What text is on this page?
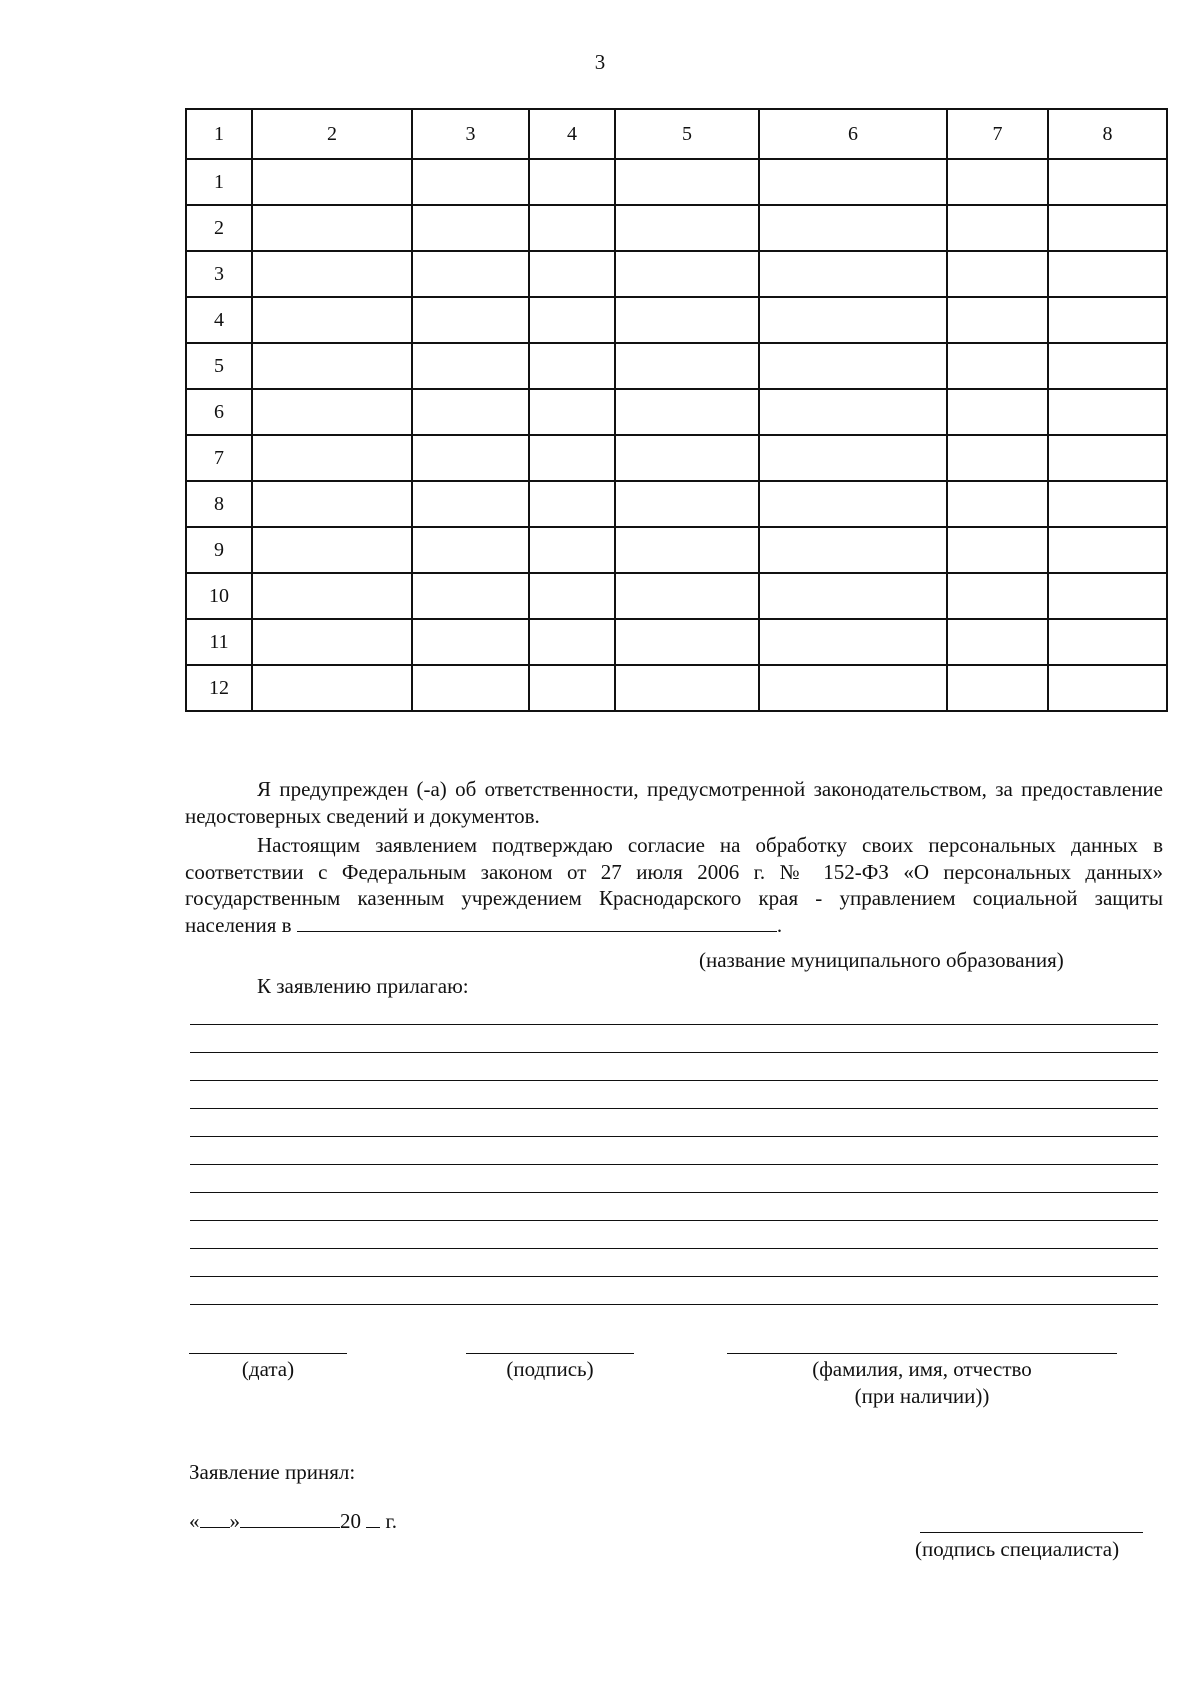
3
1	2	3	4	5	6	7	8
1							
2							
3							
4							
5							
6							
7							
8							
9							
10							
11							
12							
Я предупрежден (-а) об ответственности, предусмотренной законодательством, за предоставление недостоверных сведений и документов.
Настоящим заявлением подтверждаю согласие на обработку своих персональных данных в соответствии с Федеральным законом от 27 июля 2006 г. № 152-ФЗ «О персональных данных» государственным казенным учреждением Краснодарского края - управлением социальной защиты населения в	.
(название муниципального образования)
К заявлению прилагаю:
(дата)	(подпись)	(фамилия, имя, отчество
(при наличии))
Заявление принял:
« »	20 г.
(подпись специалиста)
